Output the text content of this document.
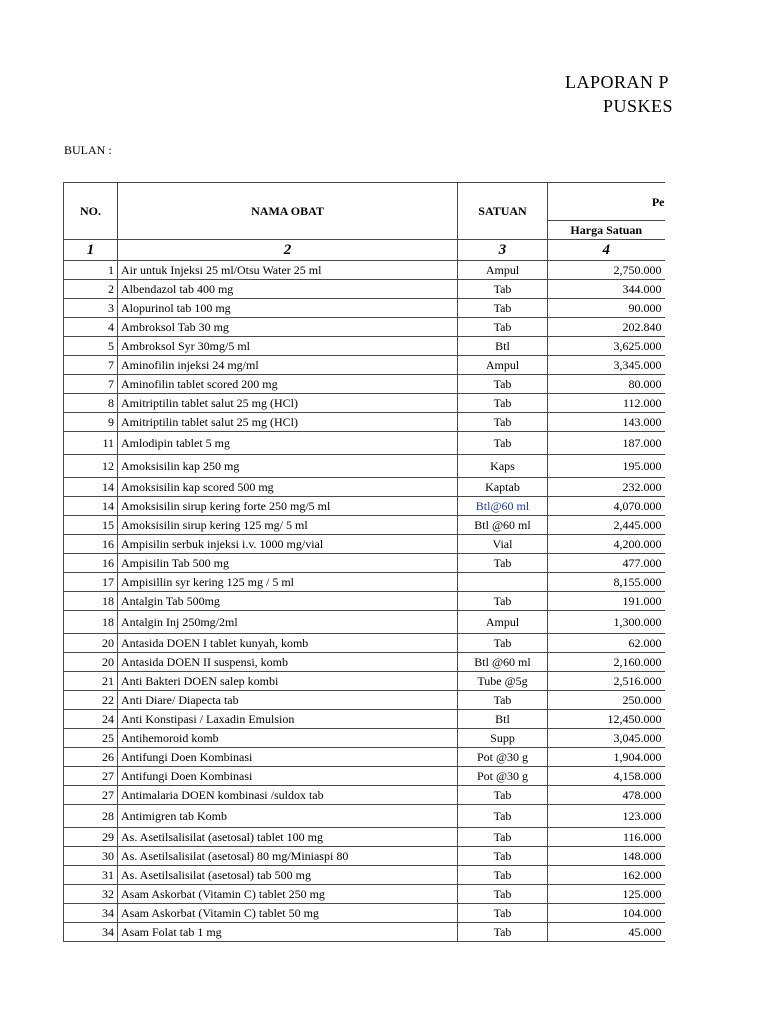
LAPORAN P
PUSKES
BULAN :
NO.	NAMA OBAT	SATUAN	Pe
			Harga Satuan
1	2	3	4
1	Air untuk Injeksi 25 ml/Otsu Water 25 ml	Ampul	2,750.000
2	Albendazol tab 400 mg	Tab	344.000
3	Alopurinol tab 100 mg	Tab	90.000
4	Ambroksol Tab 30 mg	Tab	202.840
5	Ambroksol Syr 30mg/5 ml	Btl	3,625.000
7	Aminofilin injeksi 24 mg/ml	Ampul	3,345.000
7	Aminofilin tablet scored 200 mg	Tab	80.000
8	Amitriptilin tablet salut 25 mg (HCl)	Tab	112.000
9	Amitriptilin tablet salut 25 mg (HCl)	Tab	143.000
11	Amlodipin tablet 5 mg	Tab	187.000
12	Amoksisilin kap 250 mg	Kaps	195.000
14	Amoksisilin kap scored 500 mg	Kaptab	232.000
14	Amoksisilin sirup kering forte 250 mg/5 ml	Btl@60 ml	4,070.000
15	Amoksisilin sirup kering 125 mg/ 5 ml	Btl @60 ml	2,445.000
16	Ampisilin serbuk injeksi i.v. 1000 mg/vial	Vial	4,200.000
16	Ampisilin Tab 500 mg	Tab	477.000
17	Ampisillin syr kering 125 mg / 5 ml		8,155.000
18	Antalgin Tab 500mg	Tab	191.000
18	Antalgin Inj 250mg/2ml	Ampul	1,300.000
20	Antasida DOEN I tablet kunyah, komb	Tab	62.000
20	Antasida DOEN II suspensi, komb	Btl @60 ml	2,160.000
21	Anti Bakteri DOEN salep kombi	Tube @5g	2,516.000
22	Anti Diare/ Diapecta tab	Tab	250.000
24	Anti Konstipasi / Laxadin Emulsion	Btl	12,450.000
25	Antihemoroid komb	Supp	3,045.000
26	Antifungi Doen Kombinasi	Pot @30 g	1,904.000
27	Antifungi Doen Kombinasi	Pot @30 g	4,158.000
27	Antimalaria DOEN kombinasi /suldox tab	Tab	478.000
28	Antimigren tab Komb	Tab	123.000
29	As. Asetilsalisilat (asetosal) tablet 100 mg	Tab	116.000
30	As. Asetilsalisilat (asetosal) 80 mg/Miniaspi 80	Tab	148.000
31	As. Asetilsalisilat (asetosal) tab 500 mg	Tab	162.000
32	Asam Askorbat (Vitamin C) tablet 250 mg	Tab	125.000
34	Asam Askorbat (Vitamin C) tablet 50 mg	Tab	104.000
34	Asam Folat tab 1 mg	Tab	45.000
